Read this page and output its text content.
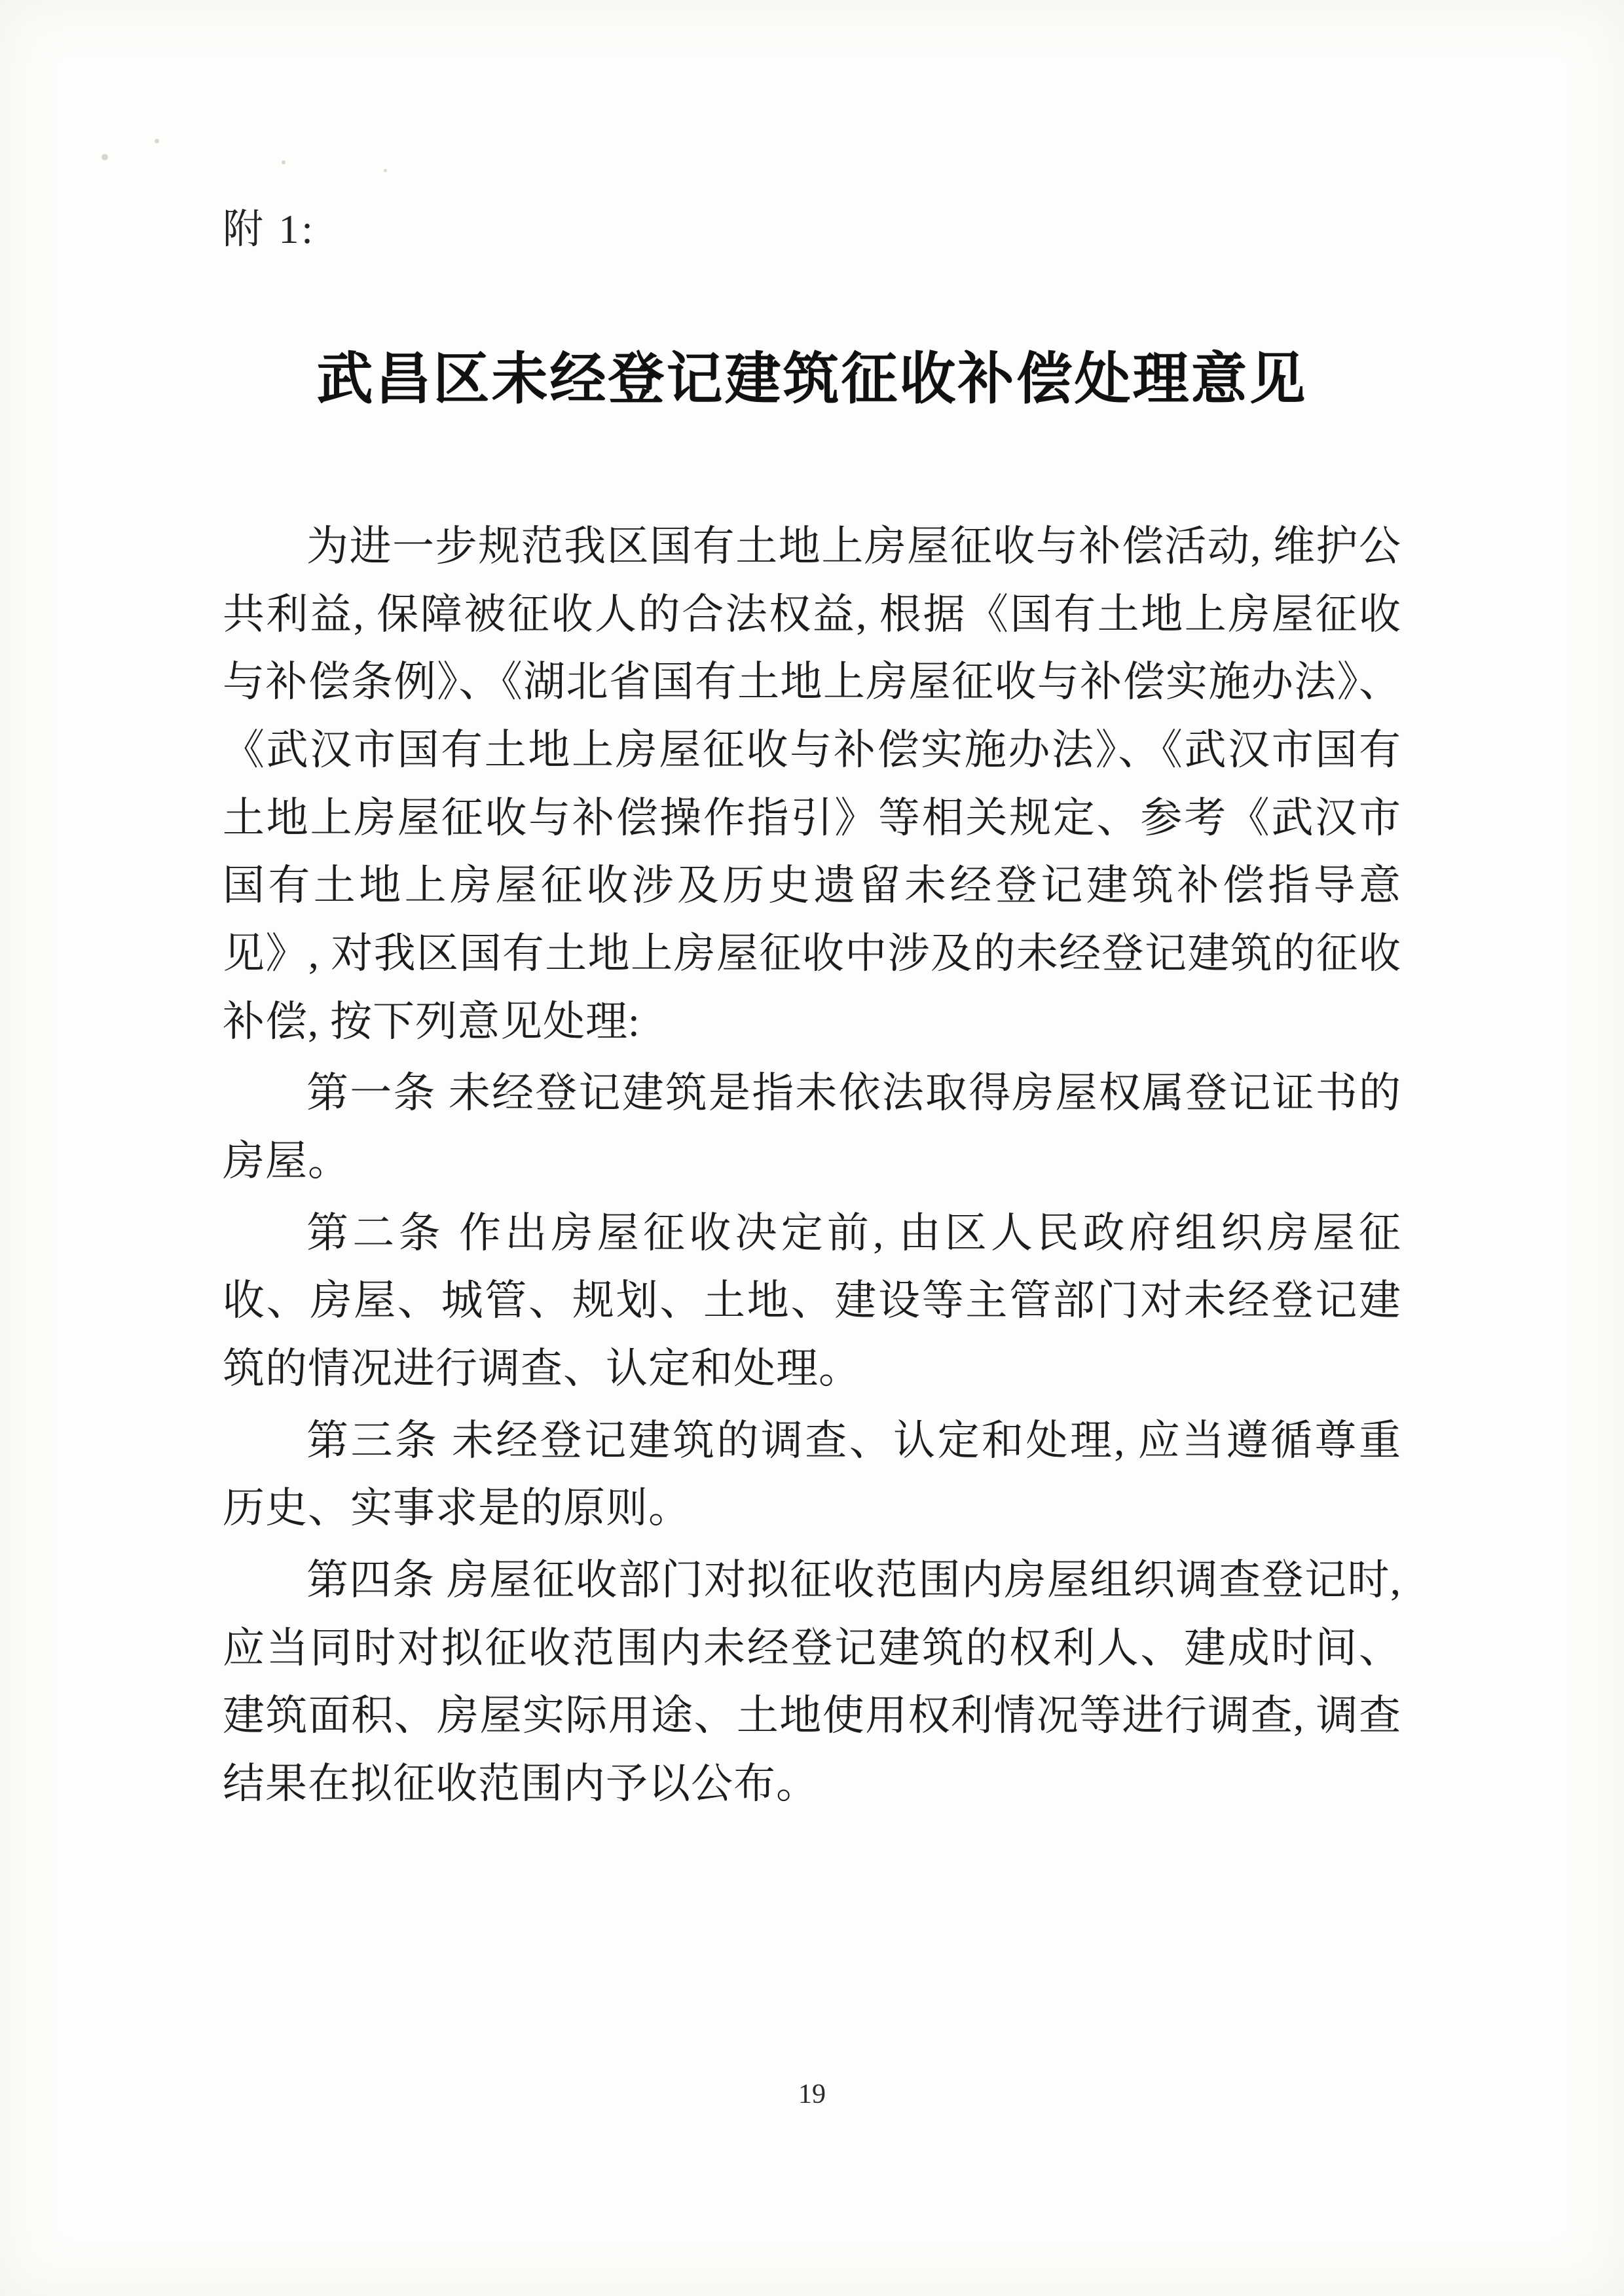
附 1:
武昌区未经登记建筑征收补偿处理意见

为进一步规范我区国有土地上房屋征收与补偿活动, 维护公共利益, 保障被征收人的合法权益, 根据《国有土地上房屋征收与补偿条例》、《湖北省国有土地上房屋征收与补偿实施办法》、《武汉市国有土地上房屋征收与补偿实施办法》、《武汉市国有土地上房屋征收与补偿操作指引》等相关规定、参考《武汉市国有土地上房屋征收涉及历史遗留未经登记建筑补偿指导意见》, 对我区国有土地上房屋征收中涉及的未经登记建筑的征收补偿, 按下列意见处理:

第一条 未经登记建筑是指未依法取得房屋权属登记证书的房屋。

第二条 作出房屋征收决定前, 由区人民政府组织房屋征收、房屋、城管、规划、土地、建设等主管部门对未经登记建筑的情况进行调查、认定和处理。

第三条 未经登记建筑的调查、认定和处理, 应当遵循尊重历史、实事求是的原则。

第四条 房屋征收部门对拟征收范围内房屋组织调查登记时, 应当同时对拟征收范围内未经登记建筑的权利人、建成时间、建筑面积、房屋实际用途、土地使用权利情况等进行调查, 调查结果在拟征收范围内予以公布。

19
